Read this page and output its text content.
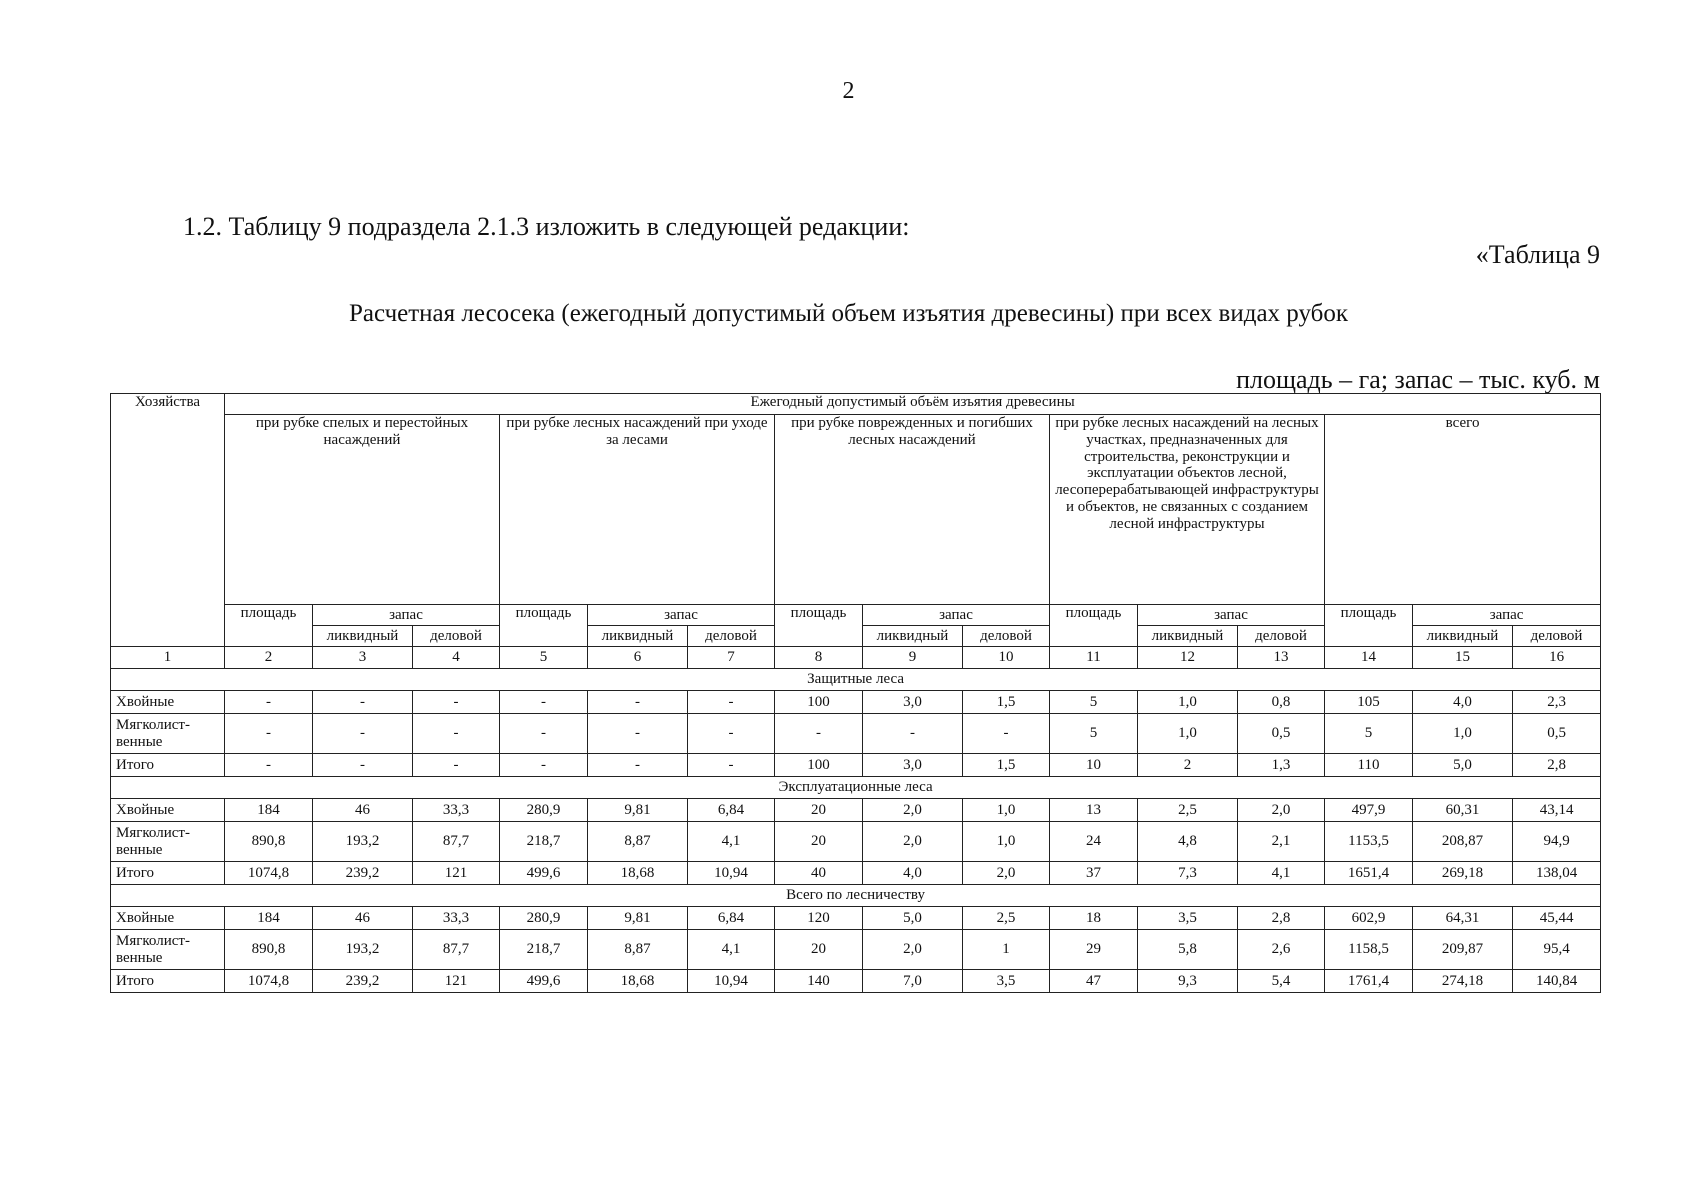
2
1.2. Таблицу 9 подраздела 2.1.3 изложить в следующей редакции:
«Таблица 9
Расчетная лесосека (ежегодный допустимый объем изъятия древесины) при всех видах рубок
площадь – га; запас – тыс. куб. м
Хозяйства	Ежегодный допустимый объём изъятия древесины														
	при рубке спелых и перестойных насаждений			при рубке лесных насаждений при уходе за лесами			при рубке поврежденных и погибших лесных насаждений			при рубке лесных насаждений на лесных участках, предназначенных для строительства, реконструкции и эксплуатации объектов лесной, лесоперерабатывающей инфраструктуры и объектов, не связанных с созданием лесной инфраструктуры			всего		
	площадь	запас		площадь	запас		площадь	запас		площадь	запас		площадь	запас	
		ликвидный	деловой		ликвидный	деловой		ликвидный	деловой		ликвидный	деловой		ликвидный	деловой
1	2	3	4	5	6	7	8	9	10	11	12	13	14	15	16
Защитные леса															
Хвойные	-	-	-	-	-	-	100	3,0	1,5	5	1,0	0,8	105	4,0	2,3
Мягколист-венные	-	-	-	-	-	-	-	-	-	5	1,0	0,5	5	1,0	0,5
Итого	-	-	-	-	-	-	100	3,0	1,5	10	2	1,3	110	5,0	2,8
Эксплуатационные леса															
Хвойные	184	46	33,3	280,9	9,81	6,84	20	2,0	1,0	13	2,5	2,0	497,9	60,31	43,14
Мягколист-венные	890,8	193,2	87,7	218,7	8,87	4,1	20	2,0	1,0	24	4,8	2,1	1153,5	208,87	94,9
Итого	1074,8	239,2	121	499,6	18,68	10,94	40	4,0	2,0	37	7,3	4,1	1651,4	269,18	138,04
Всего по лесничеству															
Хвойные	184	46	33,3	280,9	9,81	6,84	120	5,0	2,5	18	3,5	2,8	602,9	64,31	45,44
Мягколист-венные	890,8	193,2	87,7	218,7	8,87	4,1	20	2,0	1	29	5,8	2,6	1158,5	209,87	95,4
Итого	1074,8	239,2	121	499,6	18,68	10,94	140	7,0	3,5	47	9,3	5,4	1761,4	274,18	140,84
